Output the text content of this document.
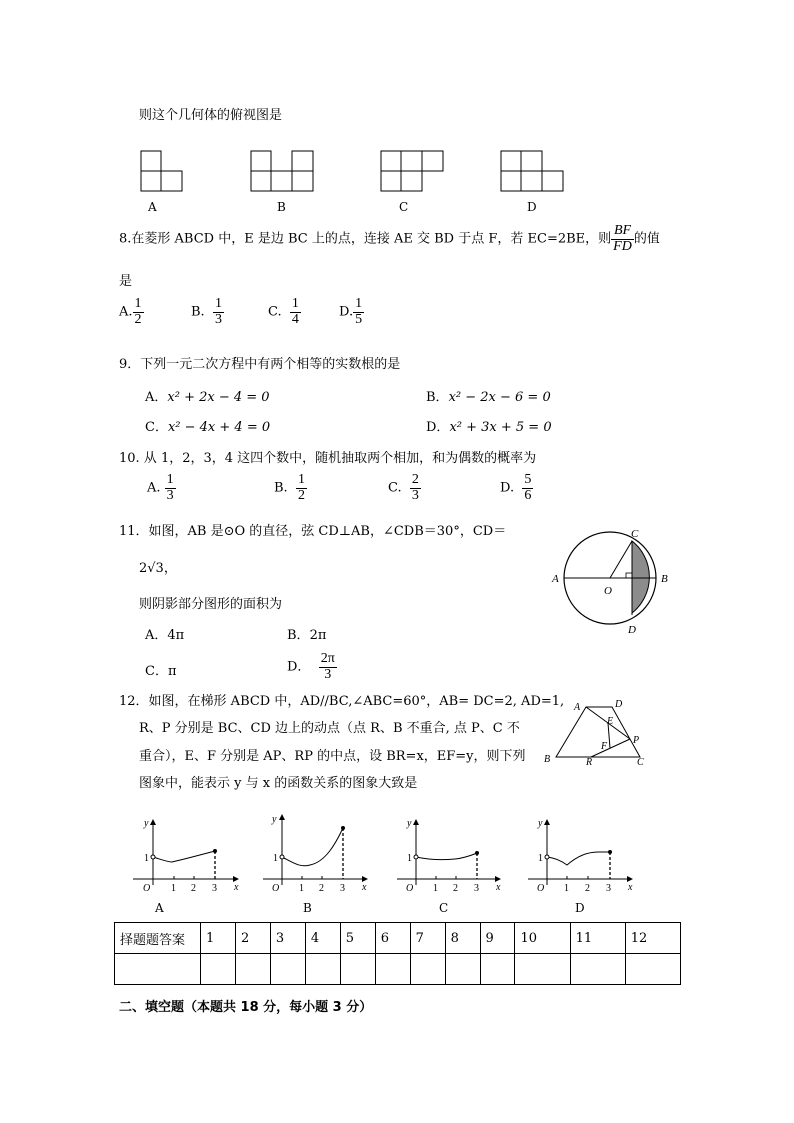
则这个几何体的俯视图是
A	B	C	D
8.在菱形 ABCD 中，E 是边 BC 上的点，连接 AE 交 BD 于点 F，若 EC=2BE，则 $\frac{BF}{FD}$ 的值
是
A. $\frac{1}{2}$	B. $\frac{1}{3}$	C. $\frac{1}{4}$	D. $\frac{1}{5}$
9．下列一元二次方程中有两个相等的实数根的是
A．x² + 2x − 4 = 0	B．x² − 2x − 6 = 0
C．x² − 4x + 4 = 0	D．x² + 3x + 5 = 0
10. 从 1，2，3，4 这四个数中，随机抽取两个相加，和为偶数的概率为
A. $\frac{1}{3}$	B. $\frac{1}{2}$	C. $\frac{2}{3}$	D. $\frac{5}{6}$
11．如图，AB 是⊙O 的直径，弦 CD⊥AB，∠CDB＝30°，CD＝
2√3，
则阴影部分图形的面积为
A．4π	B．2π
C．π	D． $\frac{2\pi}{3}$
A	B
C
D
O
12．如图，在梯形 ABCD 中，AD//BC,∠ABC=60°，AB= DC=2, AD=1,
R、P 分别是 BC、CD 边上的动点（点 R、B 不重合, 点 P、C 不
重合），E、F 分别是 AP、RP 的中点，设 BR=x，EF=y，则下列
图象中，能表示 y 与 x 的函数关系的图象大致是
A	D
B	C
E
F
P
R
y
x
O
1
1 2 3
y
x
O
1
1 2 3
y
x
O
1
1 2 3
y
x
O
1
1 2 3
A	B	C	D
择题题答案	1	2	3	4	5	6	7	8	9	10	11	12

二、填空题（本题共 18 分，每小题 3 分）
